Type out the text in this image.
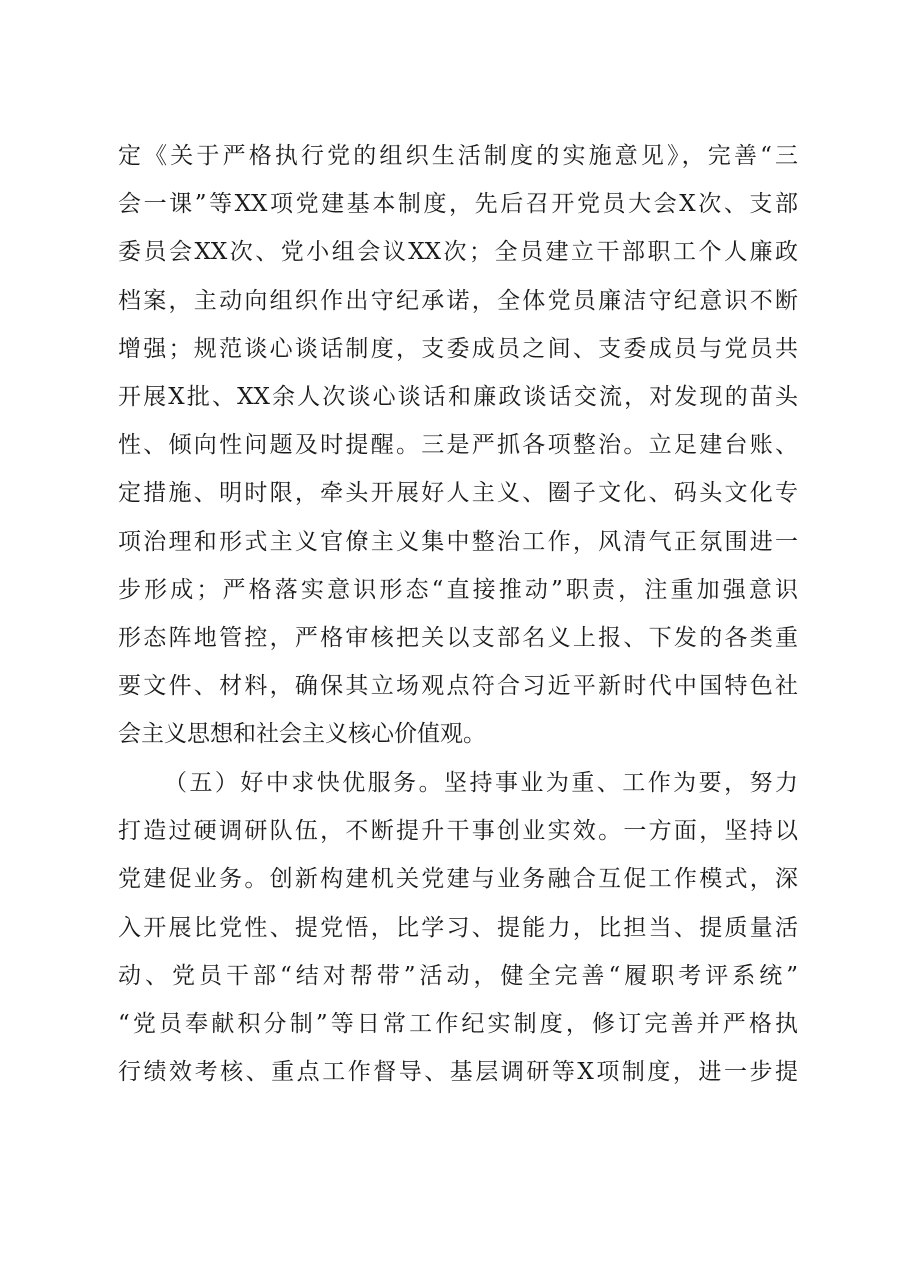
定《关于严格执行党的组织生活制度的实施意见》，完善“三
会一课”等XX项党建基本制度，先后召开党员大会X次、支部
委员会XX次、党小组会议XX次；全员建立干部职工个人廉政
档案，主动向组织作出守纪承诺，全体党员廉洁守纪意识不断
增强；规范谈心谈话制度，支委成员之间、支委成员与党员共
开展X批、XX余人次谈心谈话和廉政谈话交流，对发现的苗头
性、倾向性问题及时提醒。三是严抓各项整治。立足建台账、
定措施、明时限，牵头开展好人主义、圈子文化、码头文化专
项治理和形式主义官僚主义集中整治工作，风清气正氛围进一
步形成；严格落实意识形态“直接推动”职责，注重加强意识
形态阵地管控，严格审核把关以支部名义上报、下发的各类重
要文件、材料，确保其立场观点符合习近平新时代中国特色社
会主义思想和社会主义核心价值观。
（五）好中求快优服务。坚持事业为重、工作为要，努力
打造过硬调研队伍，不断提升干事创业实效。一方面，坚持以
党建促业务。创新构建机关党建与业务融合互促工作模式，深
入开展比党性、提党悟，比学习、提能力，比担当、提质量活
动、党员干部“结对帮带”活动，健全完善“履职考评系统”
“党员奉献积分制”等日常工作纪实制度，修订完善并严格执
行绩效考核、重点工作督导、基层调研等X项制度，进一步提
